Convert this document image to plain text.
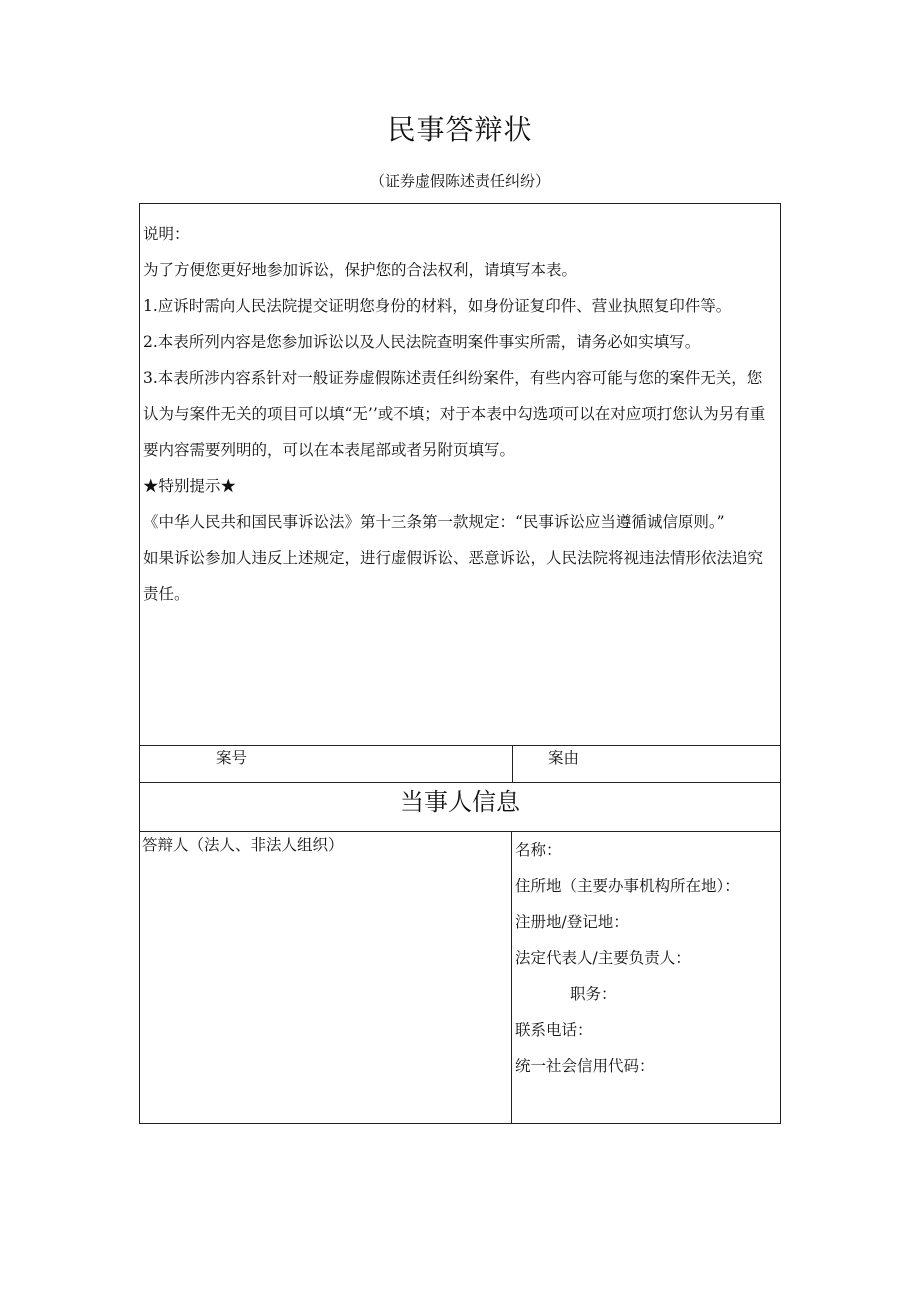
民事答辩状
（证券虚假陈述责任纠纷）

说明：

为了方便您更好地参加诉讼，保护您的合法权利，请填写本表。

1.应诉时需向人民法院提交证明您身份的材料，如身份证复印件、营业执照复印件等。

2.本表所列内容是您参加诉讼以及人民法院查明案件事实所需，请务必如实填写。

3.本表所涉内容系针对一般证券虚假陈述责任纠纷案件，有些内容可能与您的案件无关，您认为与案件无关的项目可以填“无’’或不填；对于本表中勾选项可以在对应项打您认为另有重要内容需要列明的，可以在本表尾部或者另附页填写。

★特别提示★

《中华人民共和国民事诉讼法》第十三条第一款规定：“民事诉讼应当遵循诚信原则。”

如果诉讼参加人违反上述规定，进行虚假诉讼、恶意诉讼，人民法院将视违法情形依法追究责任。

案号	案由
当事人信息
答辩人（法人、非法人组织）	名称：

住所地（主要办事机构所在地）：

注册地/登记地：

法定代表人/主要负责人：职务：

联系电话：

统一社会信用代码：
